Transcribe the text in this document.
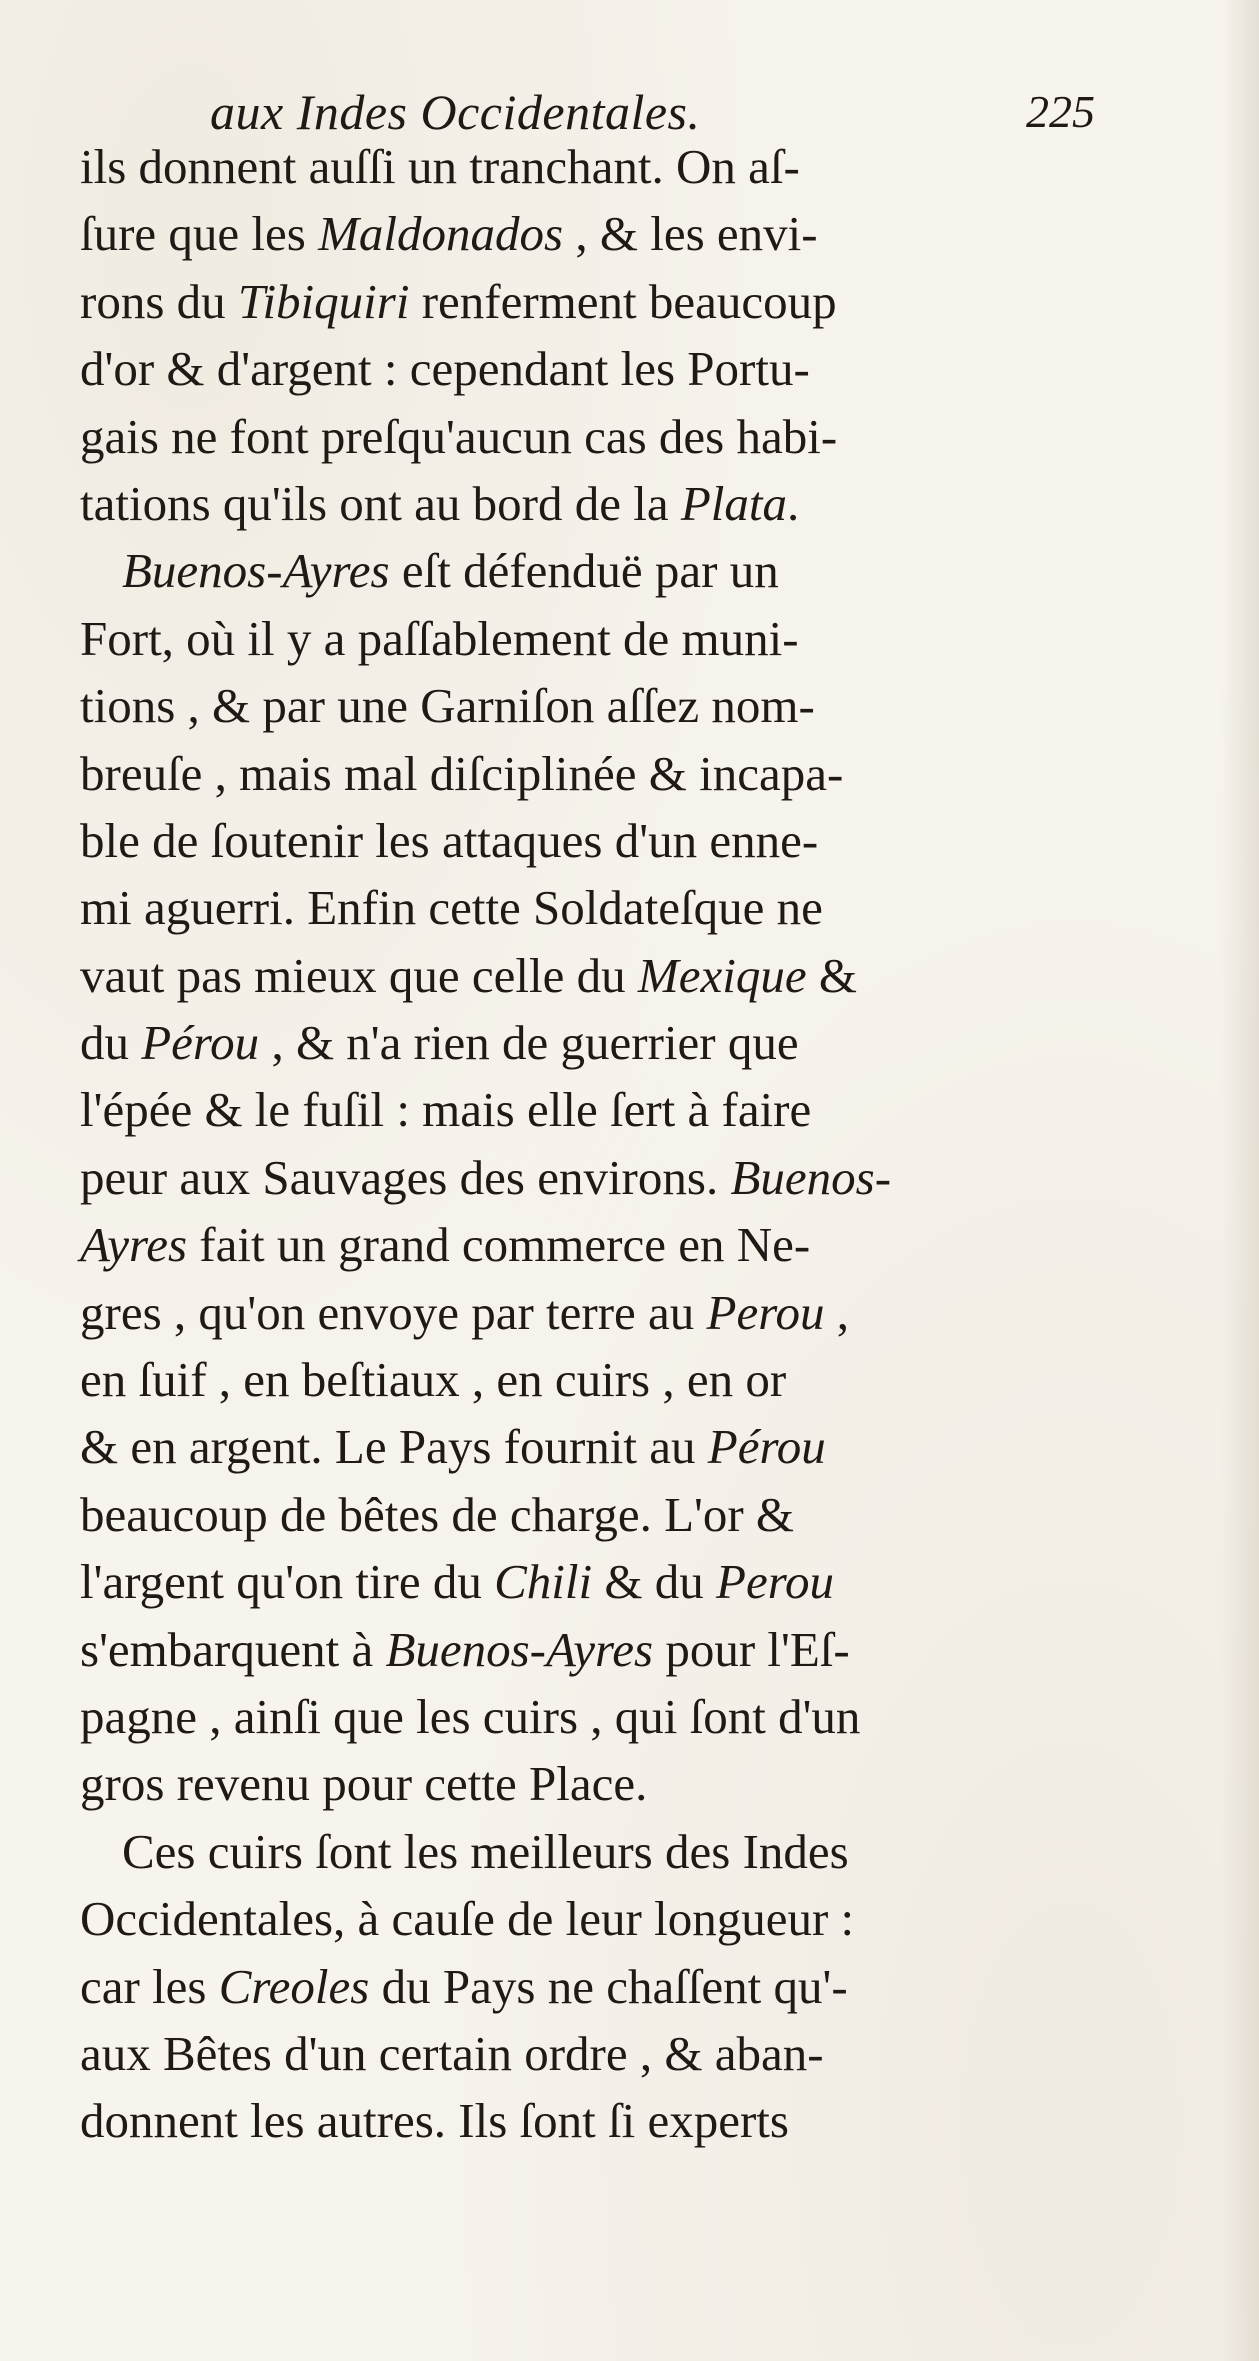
aux Indes Occidentales.	225
ils donnent auſſi un tranchant. On aſ-
ſure que les Maldonados , & les envi-
rons du Tibiquiri renferment beaucoup
d'or & d'argent : cependant les Portu-
gais ne font preſqu'aucun cas des habi-
tations qu'ils ont au bord de la Plata.
Buenos-Ayres eſt défenduë par un
Fort, où il y a paſſablement de muni-
tions , & par une Garniſon aſſez nom-
breuſe , mais mal diſciplinée & incapa-
ble de ſoutenir les attaques d'un enne-
mi aguerri. Enfin cette Soldateſque ne
vaut pas mieux que celle du Mexique &
du Pérou , & n'a rien de guerrier que
l'épée & le fuſil : mais elle ſert à faire
peur aux Sauvages des environs. Buenos-
Ayres fait un grand commerce en Ne-
gres , qu'on envoye par terre au Perou ,
en ſuif , en beſtiaux , en cuirs , en or
& en argent. Le Pays fournit au Pérou
beaucoup de bêtes de charge. L'or &
l'argent qu'on tire du Chili & du Perou
s'embarquent à Buenos-Ayres pour l'Eſ-
pagne , ainſi que les cuirs , qui ſont d'un
gros revenu pour cette Place.
Ces cuirs ſont les meilleurs des Indes
Occidentales, à cauſe de leur longueur :
car les Creoles du Pays ne chaſſent qu'-
aux Bêtes d'un certain ordre , & aban-
donnent les autres. Ils ſont ſi experts
